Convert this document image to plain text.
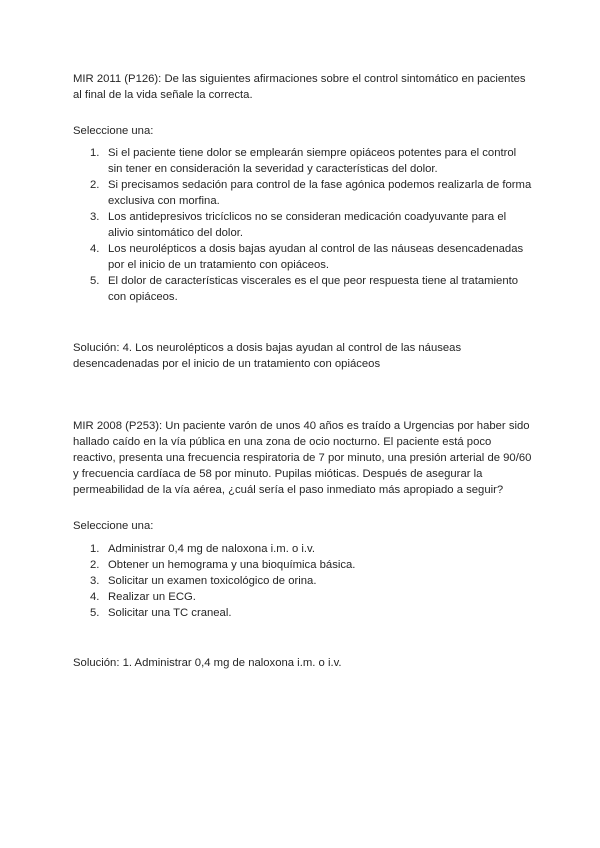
MIR 2011 (P126): De las siguientes afirmaciones sobre el control sintomático en pacientes al final de la vida señale la correcta.

Seleccione una:

1. Si el paciente tiene dolor se emplearán siempre opiáceos potentes para el control sin tener en consideración la severidad y características del dolor.
2. Si precisamos sedación para control de la fase agónica podemos realizarla de forma exclusiva con morfina.
3. Los antidepresivos tricíclicos no se consideran medicación coadyuvante para el alivio sintomático del dolor.
4. Los neurolépticos a dosis bajas ayudan al control de las náuseas desencadenadas por el inicio de un tratamiento con opiáceos.
5. El dolor de características viscerales es el que peor respuesta tiene al tratamiento con opiáceos.

Solución: 4. Los neurolépticos a dosis bajas ayudan al control de las náuseas desencadenadas por el inicio de un tratamiento con opiáceos

MIR 2008 (P253): Un paciente varón de unos 40 años es traído a Urgencias por haber sido hallado caído en la vía pública en una zona de ocio nocturno. El paciente está poco reactivo, presenta una frecuencia respiratoria de 7 por minuto, una presión arterial de 90/60 y frecuencia cardíaca de 58 por minuto. Pupilas mióticas. Después de asegurar la permeabilidad de la vía aérea, ¿cuál sería el paso inmediato más apropiado a seguir?

Seleccione una:

1. Administrar 0,4 mg de naloxona i.m. o i.v.
2. Obtener un hemograma y una bioquímica básica.
3. Solicitar un examen toxicológico de orina.
4. Realizar un ECG.
5. Solicitar una TC craneal.

Solución: 1. Administrar 0,4 mg de naloxona i.m. o i.v.
